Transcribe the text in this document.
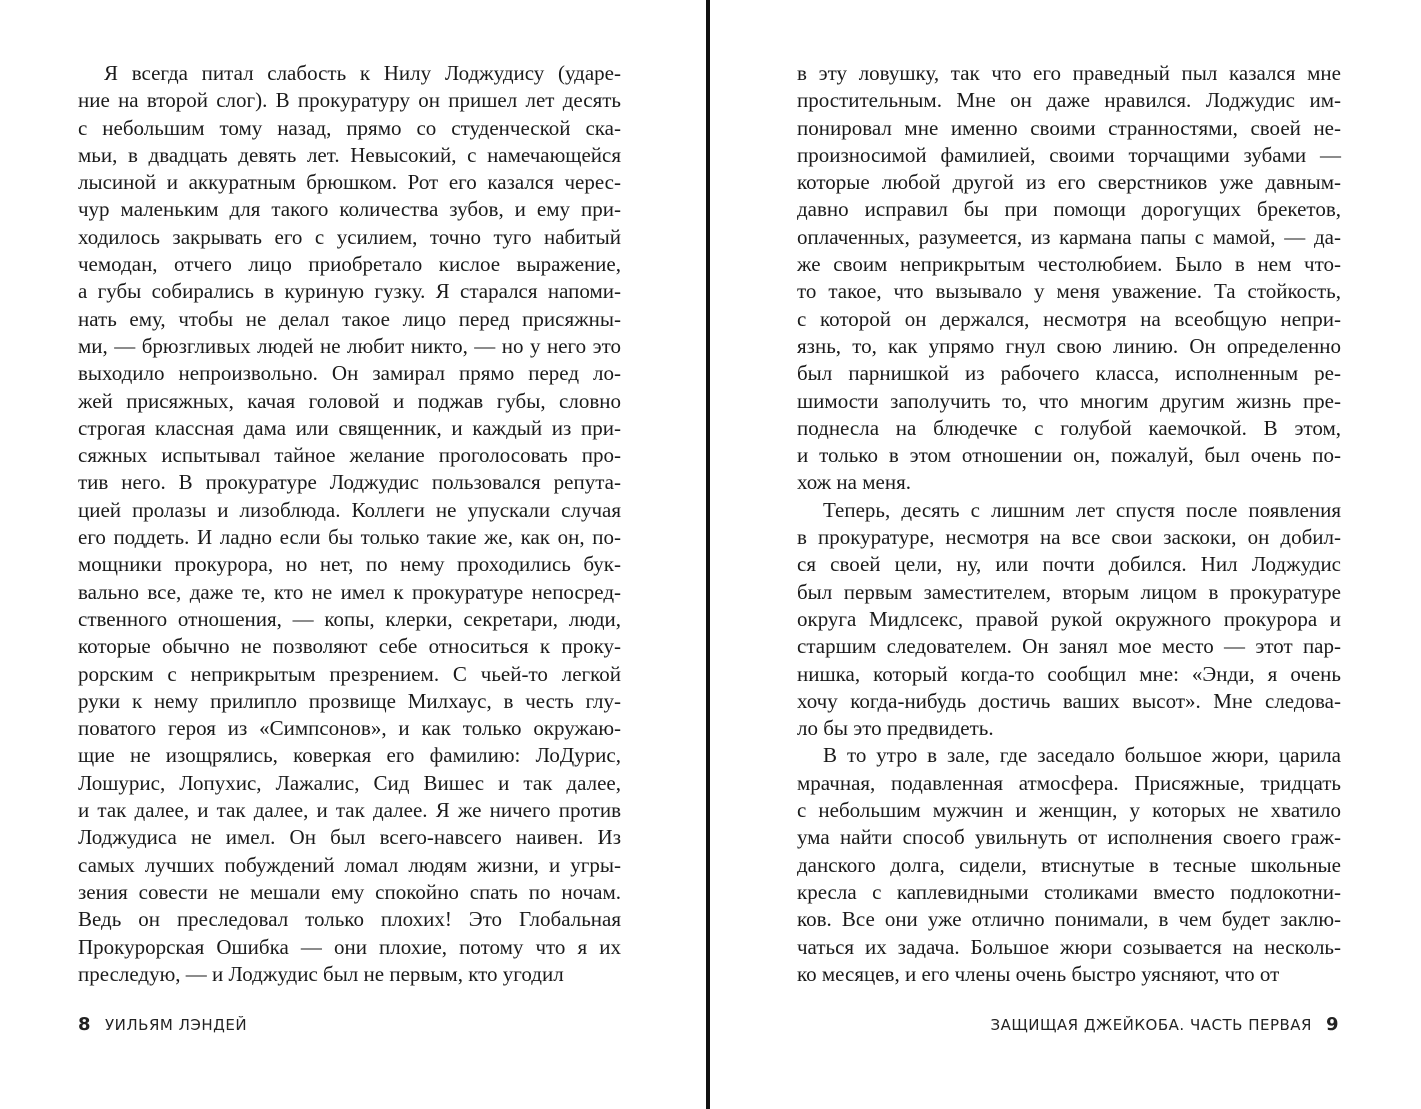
Я всегда питал слабость к Нилу Лоджудису (ударе-
ние на второй слог). В прокуратуру он пришел лет десять
с небольшим тому назад, прямо со студенческой ска-
мьи, в двадцать девять лет. Невысокий, с намечающейся
лысиной и аккуратным брюшком. Рот его казался черес-
чур маленьким для такого количества зубов, и ему при-
ходилось закрывать его с усилием, точно туго набитый
чемодан, отчего лицо приобретало кислое выражение,
а губы собирались в куриную гузку. Я старался напоми-
нать ему, чтобы не делал такое лицо перед присяжны-
ми, — брюзгливых людей не любит никто, — но у него это
выходило непроизвольно. Он замирал прямо перед ло-
жей присяжных, качая головой и поджав губы, словно
строгая классная дама или священник, и каждый из при-
сяжных испытывал тайное желание проголосовать про-
тив него. В прокуратуре Лоджудис пользовался репута-
цией пролазы и лизоблюда. Коллеги не упускали случая
его поддеть. И ладно если бы только такие же, как он, по-
мощники прокурора, но нет, по нему проходились бук-
вально все, даже те, кто не имел к прокуратуре непосред-
ственного отношения, — копы, клерки, секретари, люди,
которые обычно не позволяют себе относиться к проку-
рорским с неприкрытым презрением. С чьей-то легкой
руки к нему прилипло прозвище Милхаус, в честь глу-
поватого героя из «Симпсонов», и как только окружаю-
щие не изощрялись, коверкая его фамилию: ЛоДурис,
Лошурис, Лопухис, Лажалис, Сид Вишес и так далее,
и так далее, и так далее, и так далее. Я же ничего против
Лоджудиса не имел. Он был всего-навсего наивен. Из
самых лучших побуждений ломал людям жизни, и угры-
зения совести не мешали ему спокойно спать по ночам.
Ведь он преследовал только плохих! Это Глобальная
Прокурорская Ошибка — они плохие, потому что я их
преследую, — и Лоджудис был не первым, кто угодил
8 УИЛЬЯМ ЛЭНДЕЙ
в эту ловушку, так что его праведный пыл казался мне
простительным. Мне он даже нравился. Лоджудис им-
понировал мне именно своими странностями, своей не-
произносимой фамилией, своими торчащими зубами —
которые любой другой из его сверстников уже давным-
давно исправил бы при помощи дорогущих брекетов,
оплаченных, разумеется, из кармана папы с мамой, — да-
же своим неприкрытым честолюбием. Было в нем что-
то такое, что вызывало у меня уважение. Та стойкость,
с которой он держался, несмотря на всеобщую непри-
язнь, то, как упрямо гнул свою линию. Он определенно
был парнишкой из рабочего класса, исполненным ре-
шимости заполучить то, что многим другим жизнь пре-
поднесла на блюдечке с голубой каемочкой. В этом,
и только в этом отношении он, пожалуй, был очень по-
хож на меня.
Теперь, десять с лишним лет спустя после появления
в прокуратуре, несмотря на все свои заскоки, он добил-
ся своей цели, ну, или почти добился. Нил Лоджудис
был первым заместителем, вторым лицом в прокуратуре
округа Мидлсекс, правой рукой окружного прокурора и
старшим следователем. Он занял мое место — этот пар-
нишка, который когда-то сообщил мне: «Энди, я очень
хочу когда-нибудь достичь ваших высот». Мне следова-
ло бы это предвидеть.
В то утро в зале, где заседало большое жюри, царила
мрачная, подавленная атмосфера. Присяжные, тридцать
с небольшим мужчин и женщин, у которых не хватило
ума найти способ увильнуть от исполнения своего граж-
данского долга, сидели, втиснутые в тесные школьные
кресла с каплевидными столиками вместо подлокотни-
ков. Все они уже отлично понимали, в чем будет заклю-
чаться их задача. Большое жюри созывается на несколь-
ко месяцев, и его члены очень быстро уясняют, что от
ЗАЩИЩАЯ ДЖЕЙКОБА. ЧАСТЬ ПЕРВАЯ 9
